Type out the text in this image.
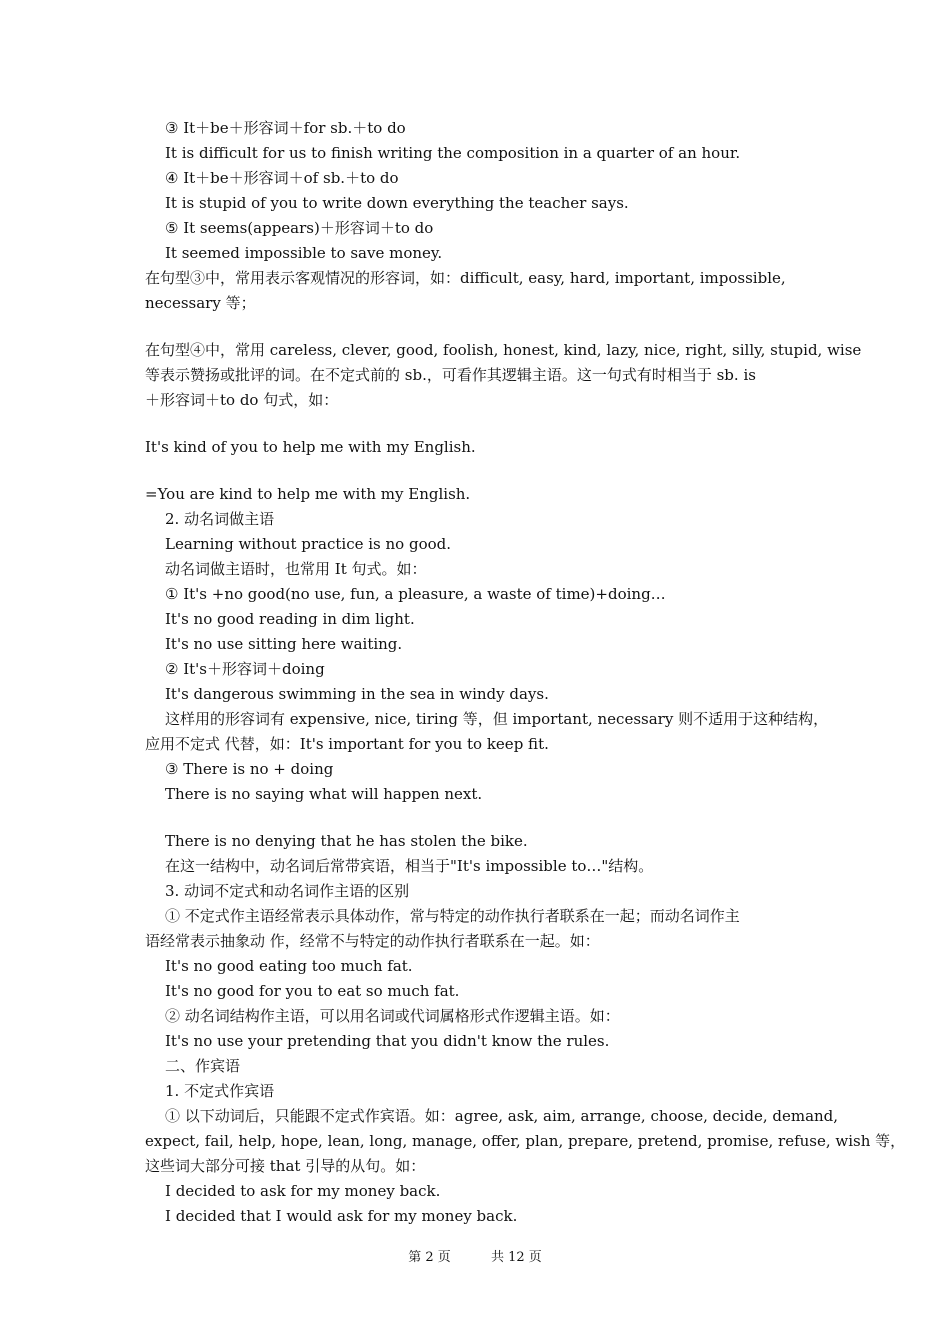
③ It＋be＋形容词＋for sb.＋to do
It is difficult for us to finish writing the composition in a quarter of an hour.
④ It＋be＋形容词＋of sb.＋to do
It is stupid of you to write down everything the teacher says.
⑤ It seems(appears)＋形容词＋to do
It seemed impossible to save money.
在句型③中，常用表示客观情况的形容词，如：difficult, easy, hard, important, impossible,
necessary 等；
在句型④中，常用 careless, clever, good, foolish, honest, kind, lazy, nice, right, silly, stupid, wise
等表示赞扬或批评的词。在不定式前的 sb.，可看作其逻辑主语。这一句式有时相当于 sb. is
＋形容词＋to do 句式，如：
It's kind of you to help me with my English.
=You are kind to help me with my English.
2. 动名词做主语
Learning without practice is no good.
动名词做主语时，也常用 It 句式。如：
① It's +no good(no use, fun, a pleasure, a waste of time)+doing…
It's no good reading in dim light.
It's no use sitting here waiting.
② It's＋形容词＋doing
It's dangerous swimming in the sea in windy days.
这样用的形容词有 expensive, nice, tiring 等，但 important, necessary 则不适用于这种结构，
应用不定式 代替，如：It's important for you to keep fit.
③ There is no + doing
There is no saying what will happen next.
There is no denying that he has stolen the bike.
在这一结构中，动名词后常带宾语，相当于"It's impossible to…"结构。
3. 动词不定式和动名词作主语的区别
① 不定式作主语经常表示具体动作，常与特定的动作执行者联系在一起；而动名词作主
语经常表示抽象动 作，经常不与特定的动作执行者联系在一起。如：
It's no good eating too much fat.
It's no good for you to eat so much fat.
② 动名词结构作主语，可以用名词或代词属格形式作逻辑主语。如：
It's no use your pretending that you didn't know the rules.
二、作宾语
1. 不定式作宾语
① 以下动词后，只能跟不定式作宾语。如：agree, ask, aim, arrange, choose, decide, demand,
expect, fail, help, hope, lean, long, manage, offer, plan, prepare, pretend, promise, refuse, wish 等，
这些词大部分可接 that 引导的从句。如：
I decided to ask for my money back.
I decided that I would ask for my money back.
第 2 页	共 12 页
